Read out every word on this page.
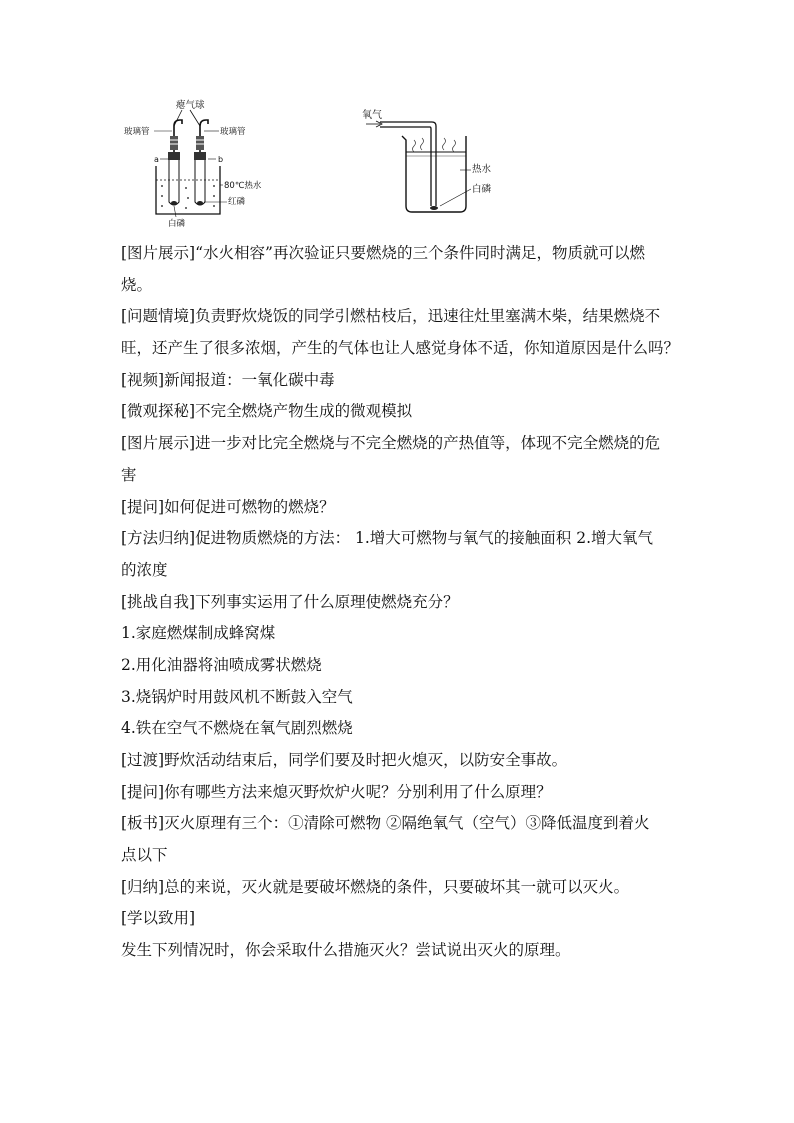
瘪气球
玻璃管	玻璃管
a	b
80℃热水
红磷
白磷
氧气
热水
白磷
[图片展示]“水火相容”再次验证只要燃烧的三个条件同时满足，物质就可以燃
烧。
[问题情境]负责野炊烧饭的同学引燃枯枝后，迅速往灶里塞满木柴，结果燃烧不
旺，还产生了很多浓烟，产生的气体也让人感觉身体不适，你知道原因是什么吗？
[视频]新闻报道：一氧化碳中毒
[微观探秘]不完全燃烧产物生成的微观模拟
[图片展示]进一步对比完全燃烧与不完全燃烧的产热值等，体现不完全燃烧的危
害
[提问]如何促进可燃物的燃烧？
[方法归纳]促进物质燃烧的方法： 1.增大可燃物与氧气的接触面积 2.增大氧气
的浓度
[挑战自我]下列事实运用了什么原理使燃烧充分？
1.家庭燃煤制成蜂窝煤
2.用化油器将油喷成雾状燃烧
3.烧锅炉时用鼓风机不断鼓入空气
4.铁在空气不燃烧在氧气剧烈燃烧
[过渡]野炊活动结束后，同学们要及时把火熄灭，以防安全事故。
[提问]你有哪些方法来熄灭野炊炉火呢？分别利用了什么原理？
[板书]灭火原理有三个：①清除可燃物 ②隔绝氧气（空气）③降低温度到着火
点以下
[归纳]总的来说，灭火就是要破坏燃烧的条件，只要破坏其一就可以灭火。
[学以致用]
发生下列情况时，你会采取什么措施灭火？尝试说出灭火的原理。
